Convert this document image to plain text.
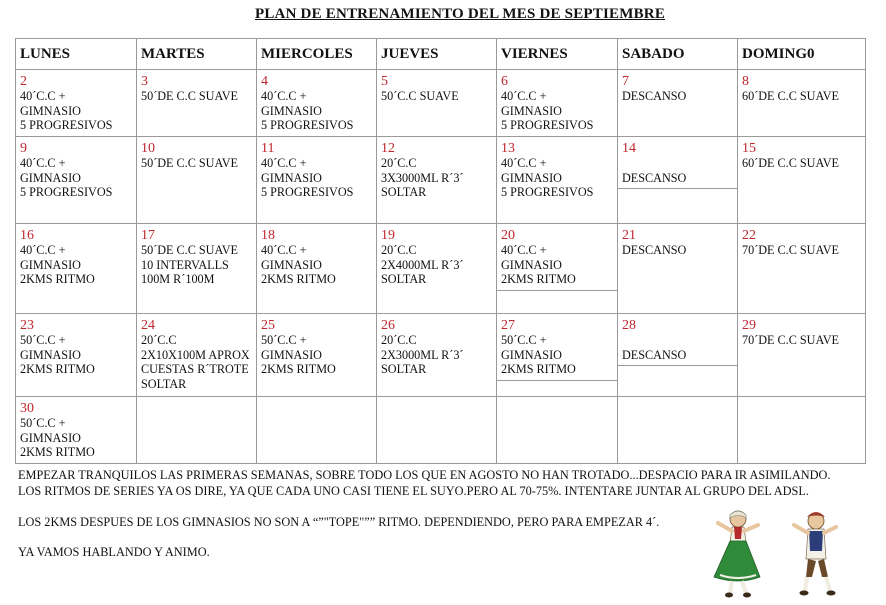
PLAN DE ENTRENAMIENTO DEL MES DE SEPTIEMBRE
LUNES	MARTES	MIERCOLES	JUEVES	VIERNES	SABADO	DOMING0

2
40´C.C +
GIMNASIO
5 PROGRESIVOS	3
50´DE C.C SUAVE	4
40´C.C +
GIMNASIO
5 PROGRESIVOS	5
50´C.C SUAVE	6
40´C.C +
GIMNASIO
5 PROGRESIVOS	7
DESCANSO	8
60´DE C.C SUAVE

9
40´C.C +
GIMNASIO
5 PROGRESIVOS	10
50´DE C.C SUAVE	11
40´C.C +
GIMNASIO
5 PROGRESIVOS	12
20´C.C
3X3000ML R´3´
SOLTAR	13
40´C.C +
GIMNASIO
5 PROGRESIVOS	14

DESCANSO	15
60´DE C.C SUAVE

16
40´C.C +
GIMNASIO
2KMS RITMO	17
50´DE C.C SUAVE
10 INTERVALLS
100M R´100M	18
40´C.C +
GIMNASIO
2KMS RITMO	19
20´C.C
2X4000ML R´3´
SOLTAR	20
40´C.C +
GIMNASIO
2KMS RITMO	21
DESCANSO	22
70´DE C.C SUAVE

23
50´C.C +
GIMNASIO
2KMS RITMO	24
20´C.C
2X10X100M APROX
CUESTAS R´TROTE
SOLTAR	25
50´C.C +
GIMNASIO
2KMS RITMO	26
20´C.C
2X3000ML R´3´
SOLTAR	27
50´C.C +
GIMNASIO
2KMS RITMO	28

DESCANSO	29
70´DE C.C SUAVE

30
50´C.C +
GIMNASIO
2KMS RITMO						

EMPEZAR TRANQUILOS LAS PRIMERAS SEMANAS, SOBRE TODO LOS QUE EN AGOSTO NO HAN TROTADO...DESPACIO PARA IR ASIMILANDO.

LOS RITMOS DE SERIES YA OS DIRE, YA QUE CADA UNO CASI TIENE EL SUYO.PERO AL 70-75%. INTENTARE JUNTAR AL GRUPO DEL ADSL.

LOS 2KMS DESPUES DE LOS GIMNASIOS NO SON A “”"TOPE"”” RITMO. DEPENDIENDO, PERO PARA EMPEZAR 4´.

YA VAMOS HABLANDO Y ANIMO.
